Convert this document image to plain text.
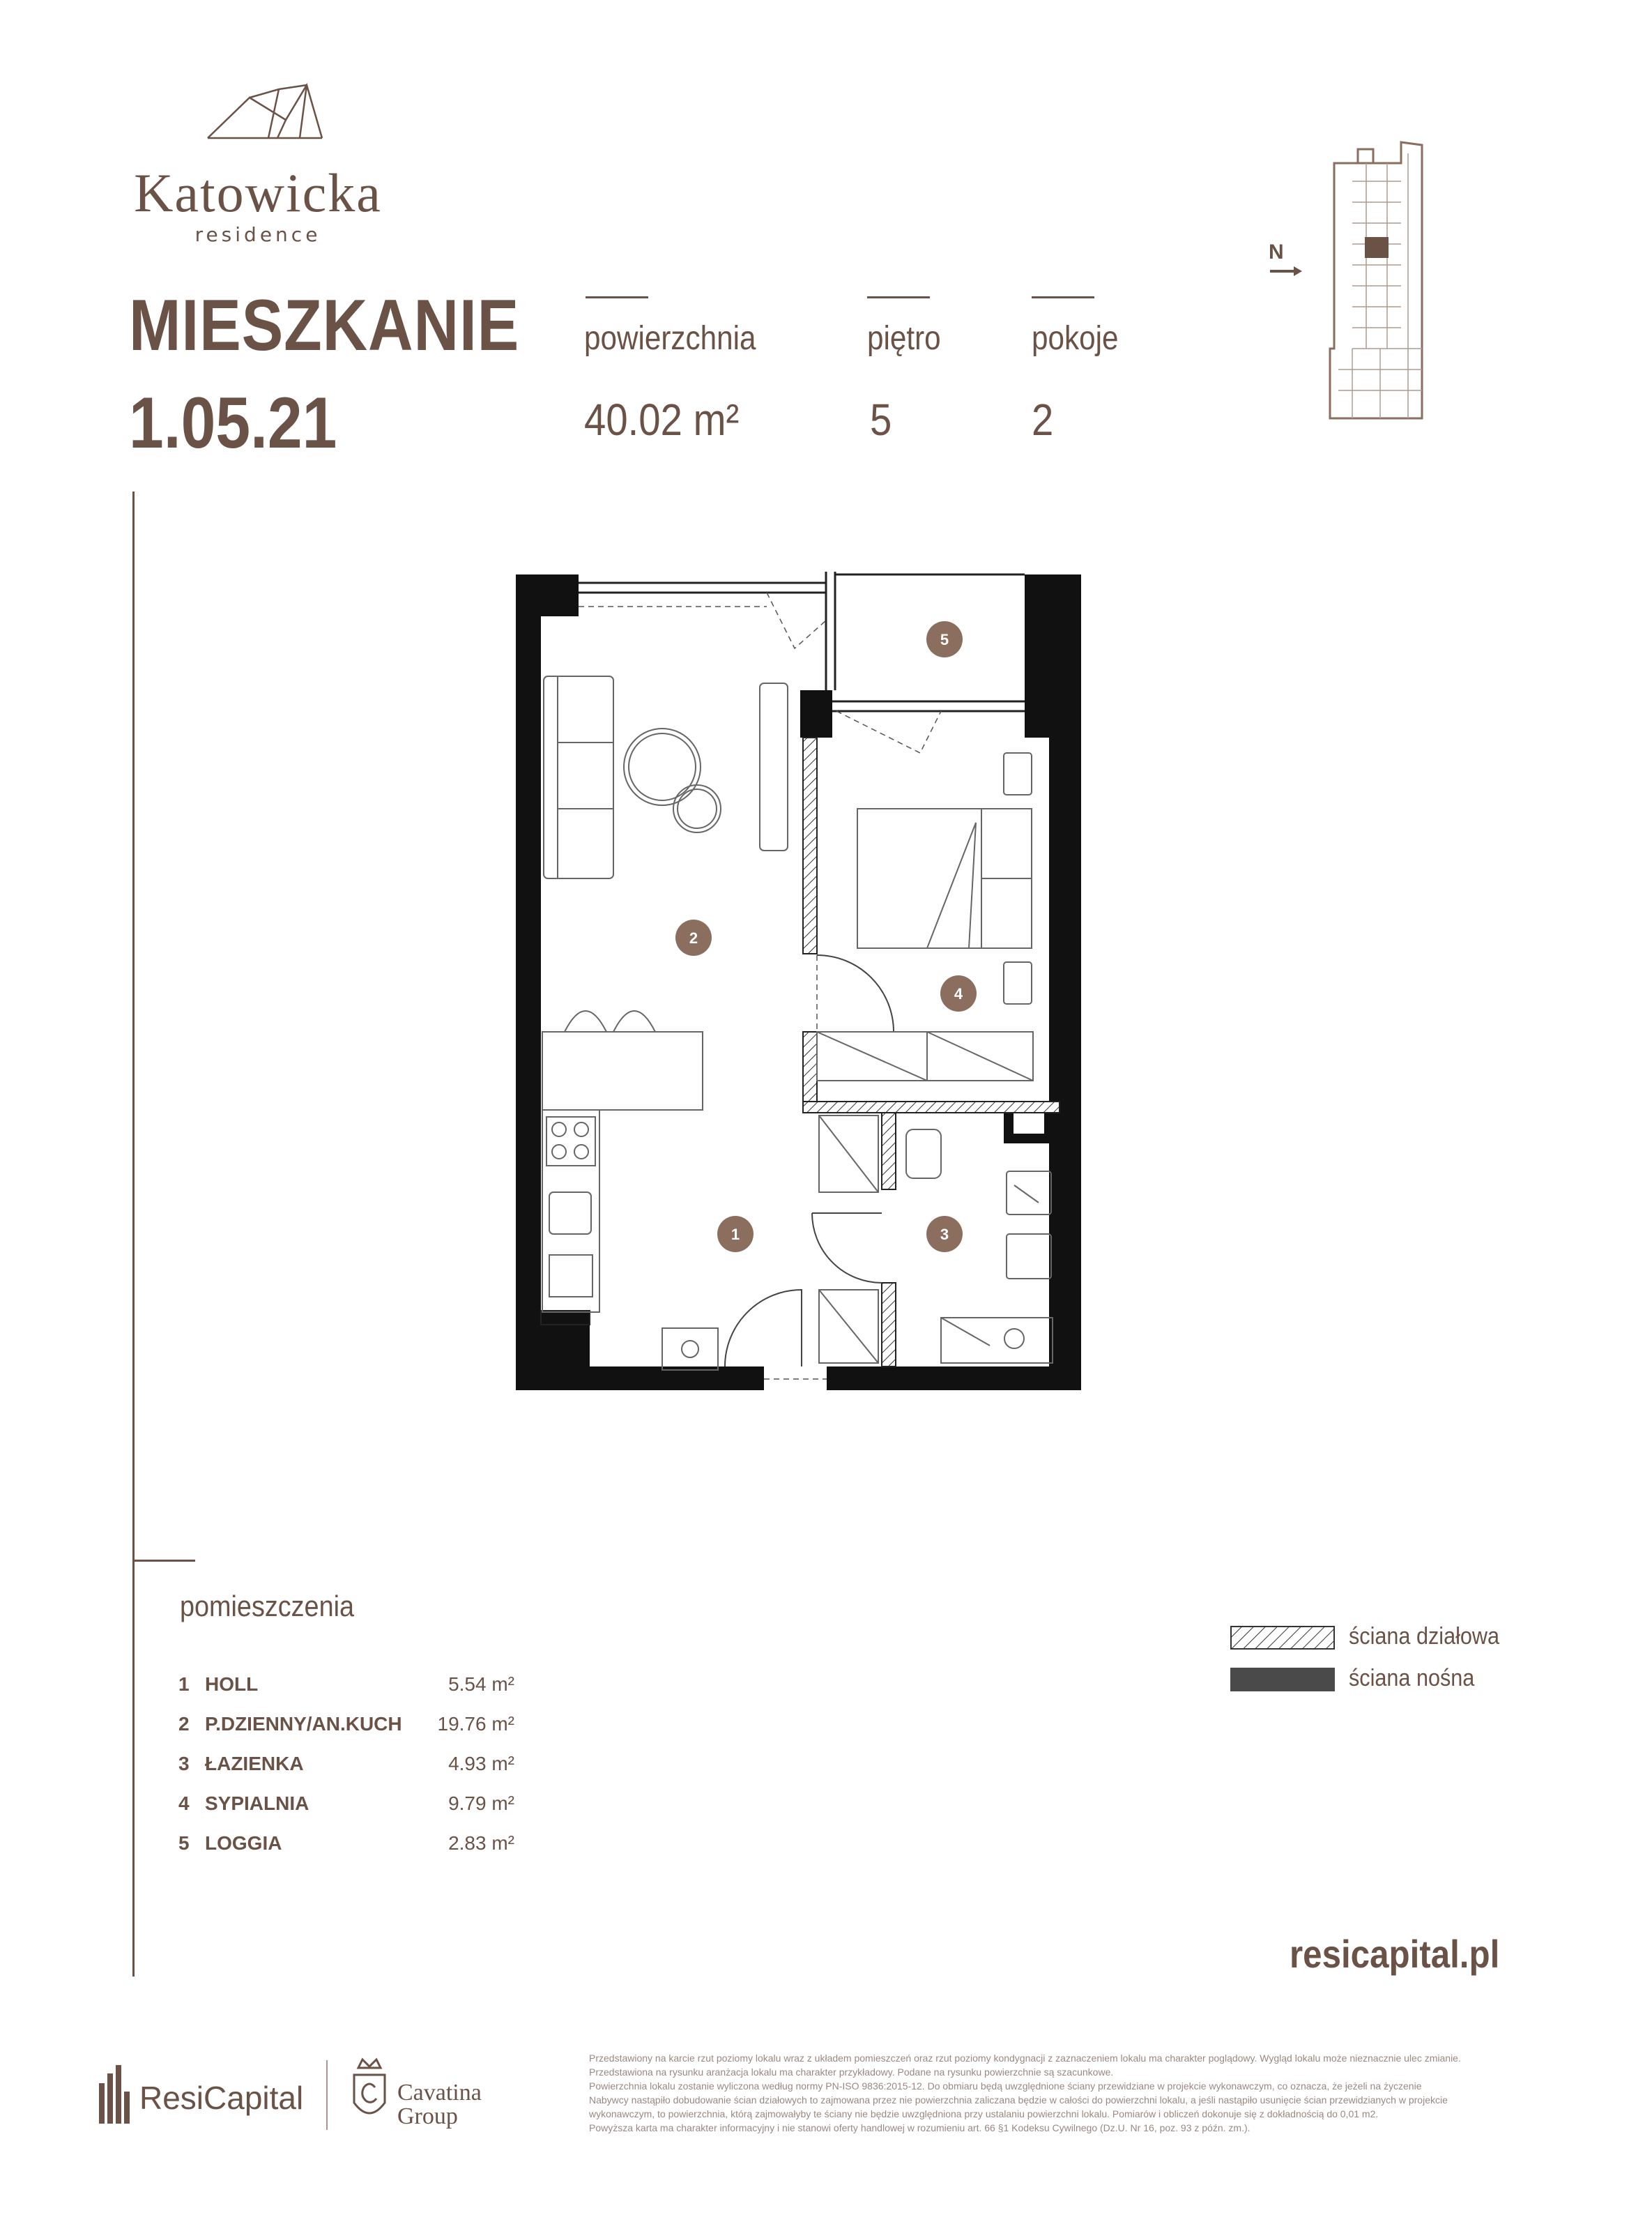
Katowicka
residence
MIESZKANIE
1.05.21
powierzchnia
40.02 m²
piętro
5
pokoje
2
N
2
1	3
4
5
pomieszczenia
1 HOLL	5.54 m²
2 P.DZIENNY/AN.KUCH	19.76 m²
3 ŁAZIENKA	4.93 m²
4 SYPIALNIA	9.79 m²
5 LOGGIA	2.83 m²
ściana działowa
ściana nośna
resicapital.pl
ResiCapital	Cavatina
Group

Przedstawiony na karcie rzut poziomy lokalu wraz z układem pomieszczeń oraz rzut poziomy kondygnacji z zaznaczeniem lokalu ma charakter poglądowy. Wygląd lokalu może nieznacznie ulec zmianie.

Przedstawiona na rysunku aranżacja lokalu ma charakter przykładowy. Podane na rysunku powierzchnie są szacunkowe.

Powierzchnia lokalu zostanie wyliczona według normy PN-ISO 9836:2015-12. Do obmiaru będą uwzględnione ściany przewidziane w projekcie wykonawczym, co oznacza, że jeżeli na życzenie

Nabywcy nastąpiło dobudowanie ścian działowych to zajmowana przez nie powierzchnia zaliczana będzie w całości do powierzchni lokalu, a jeśli nastąpiło usunięcie ścian przewidzianych w projekcie

wykonawczym, to powierzchnia, którą zajmowałyby te ściany nie będzie uwzględniona przy ustalaniu powierzchni lokalu. Pomiarów i obliczeń dokonuje się z dokładnością do 0,01 m2.

Powyższa karta ma charakter informacyjny i nie stanowi oferty handlowej w rozumieniu art. 66 §1 Kodeksu Cywilnego (Dz.U. Nr 16, poz. 93 z późn. zm.).
